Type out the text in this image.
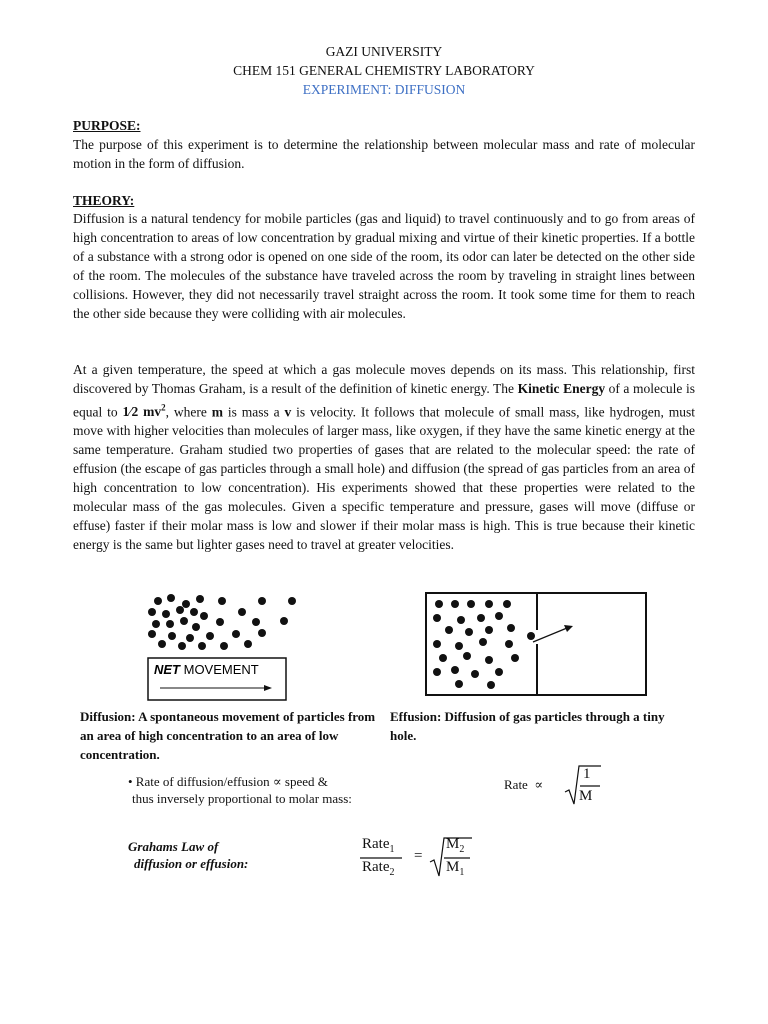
GAZI UNIVERSITY
CHEM 151 GENERAL CHEMISTRY LABORATORY
EXPERIMENT: DIFFUSION
PURPOSE:

The purpose of this experiment is to determine the relationship between molecular mass and rate of molecular motion in the form of diffusion.

THEORY:

Diffusion is a natural tendency for mobile particles (gas and liquid) to travel continuously and to go from areas of high concentration to areas of low concentration by gradual mixing and virtue of their kinetic properties. If a bottle of a substance with a strong odor is opened on one side of the room, its odor can later be detected on the other side of the room. The molecules of the substance have traveled across the room by traveling in straight lines between collisions. However, they did not necessarily travel straight across the room. It took some time for them to reach the other side because they were colliding with air molecules.

At a given temperature, the speed at which a gas molecule moves depends on its mass. This relationship, first discovered by Thomas Graham, is a result of the definition of kinetic energy. The Kinetic Energy of a molecule is equal to 1⁄2 $mv^2$, where m is mass a v is velocity. It follows that molecule of small mass, like hydrogen, must move with higher velocities than molecules of larger mass, like oxygen, if they have the same kinetic energy at the same temperature. Graham studied two properties of gases that are related to the molecular speed: the rate of effusion (the escape of gas particles through a small hole) and diffusion (the spread of gas particles from an area of high concentration to low concentration). His experiments showed that these properties were related to the molecular mass of the gas molecules. Given a specific temperature and pressure, gases will move (diffuse or effuse) faster if their molar mass is low and slower if their molar mass is high. This is true because their kinetic energy is the same but lighter gases need to travel at greater velocities.

NET MOVEMENT
Diffusion: A spontaneous movement of particles from an area of high concentration to an area of low concentration.
Effusion: Diffusion of gas particles through a tiny hole.
• Rate of diffusion/effusion ∝ speed &
thus inversely proportional to molar mass:
Rate ∝
1
M
Grahams Law of
diffusion or effusion:
Rate$_1$
Rate$_2$
=
$M_2$
$M_1$
